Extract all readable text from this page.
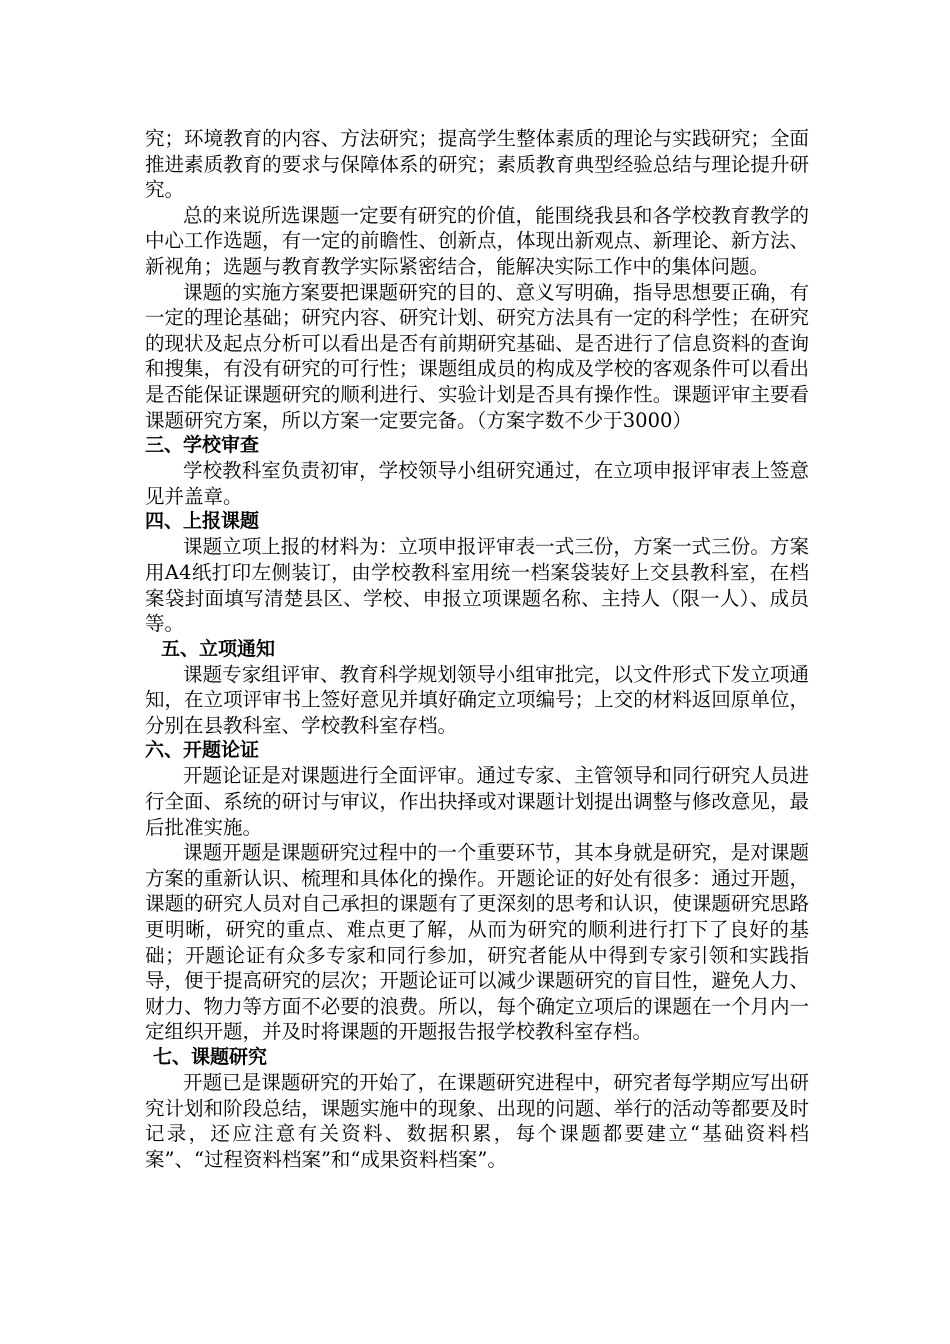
究；环境教育的内容、方法研究；提高学生整体素质的理论与实践研究；全面推进素质教育的要求与保障体系的研究；素质教育典型经验总结与理论提升研究。

总的来说所选课题一定要有研究的价值，能围绕我县和各学校教育教学的中心工作选题，有一定的前瞻性、创新点，体现出新观点、新理论、新方法、新视角；选题与教育教学实际紧密结合，能解决实际工作中的集体问题。

课题的实施方案要把课题研究的目的、意义写明确，指导思想要正确，有一定的理论基础；研究内容、研究计划、研究方法具有一定的科学性；在研究的现状及起点分析可以看出是否有前期研究基础、是否进行了信息资料的查询和搜集，有没有研究的可行性；课题组成员的构成及学校的客观条件可以看出是否能保证课题研究的顺利进行、实验计划是否具有操作性。课题评审主要看课题研究方案，所以方案一定要完备。（方案字数不少于3000）

三、学校审查

学校教科室负责初审，学校领导小组研究通过，在立项申报评审表上签意见并盖章。

四、上报课题

课题立项上报的材料为：立项申报评审表一式三份，方案一式三份。方案用A4纸打印左侧装订，由学校教科室用统一档案袋装好上交县教科室，在档案袋封面填写清楚县区、学校、申报立项课题名称、主持人（限一人）、成员等。

五、立项通知

课题专家组评审、教育科学规划领导小组审批完，以文件形式下发立项通知，在立项评审书上签好意见并填好确定立项编号；上交的材料返回原单位，分别在县教科室、学校教科室存档。

六、开题论证

开题论证是对课题进行全面评审。通过专家、主管领导和同行研究人员进行全面、系统的研讨与审议，作出抉择或对课题计划提出调整与修改意见，最后批准实施。

课题开题是课题研究过程中的一个重要环节，其本身就是研究，是对课题方案的重新认识、梳理和具体化的操作。开题论证的好处有很多：通过开题，课题的研究人员对自己承担的课题有了更深刻的思考和认识，使课题研究思路更明晰，研究的重点、难点更了解，从而为研究的顺利进行打下了良好的基础；开题论证有众多专家和同行参加，研究者能从中得到专家引领和实践指导，便于提高研究的层次；开题论证可以减少课题研究的盲目性，避免人力、财力、物力等方面不必要的浪费。所以，每个确定立项后的课题在一个月内一定组织开题，并及时将课题的开题报告报学校教科室存档。

七、课题研究

开题已是课题研究的开始了，在课题研究进程中，研究者每学期应写出研究计划和阶段总结，课题实施中的现象、出现的问题、举行的活动等都要及时记录，还应注意有关资料、数据积累，每个课题都要建立“基础资料档案”、“过程资料档案”和“成果资料档案”。
